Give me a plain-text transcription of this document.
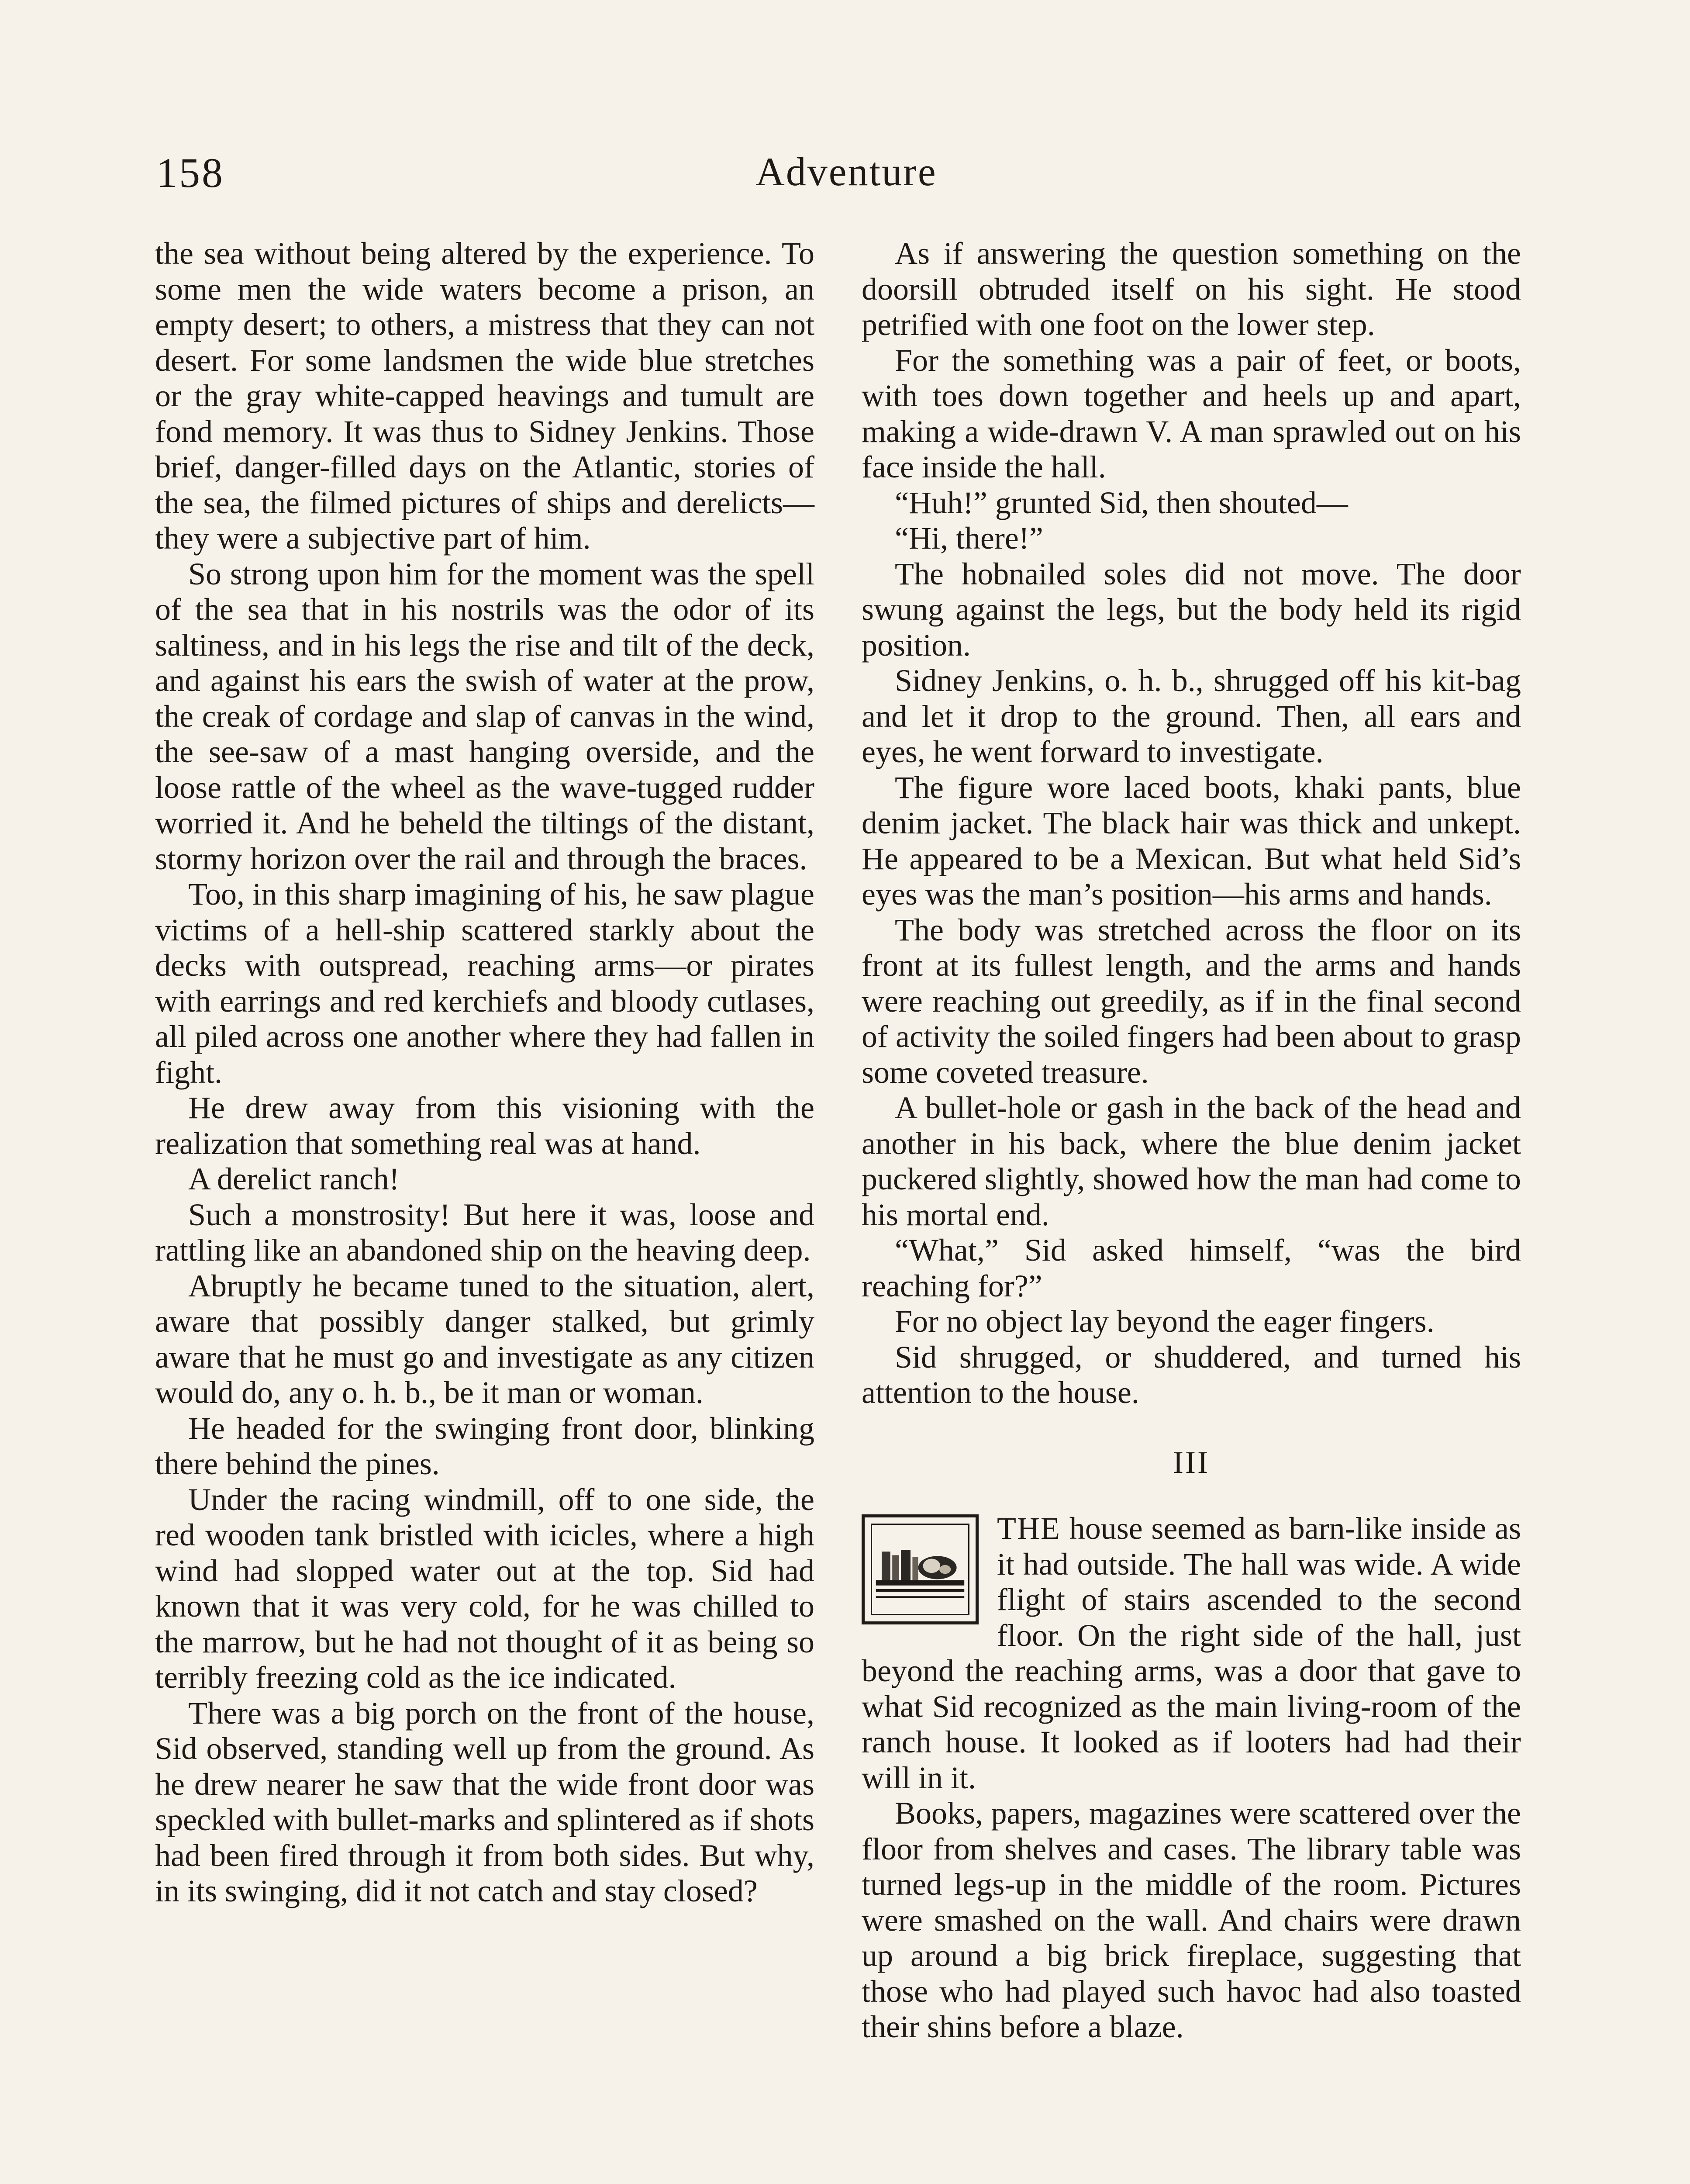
158	Adventure

the sea without being altered by the experience. To some men the wide waters become a prison, an empty desert; to others, a mistress that they can not desert. For some landsmen the wide blue stretches or the gray white-capped heavings and tumult are fond memory. It was thus to Sidney Jenkins. Those brief, danger-filled days on the Atlantic, stories of the sea, the filmed pictures of ships and derelicts—they were a subjective part of him.

So strong upon him for the moment was the spell of the sea that in his nostrils was the odor of its saltiness, and in his legs the rise and tilt of the deck, and against his ears the swish of water at the prow, the creak of cordage and slap of canvas in the wind, the see-saw of a mast hanging overside, and the loose rattle of the wheel as the wave-tugged rudder worried it. And he beheld the tiltings of the distant, stormy horizon over the rail and through the braces.

Too, in this sharp imagining of his, he saw plague victims of a hell-ship scattered starkly about the decks with outspread, reaching arms—or pirates with earrings and red kerchiefs and bloody cutlases, all piled across one another where they had fallen in fight.

He drew away from this visioning with the realization that something real was at hand.

A derelict ranch!

Such a monstrosity! But here it was, loose and rattling like an abandoned ship on the heaving deep.

Abruptly he became tuned to the situation, alert, aware that possibly danger stalked, but grimly aware that he must go and investigate as any citizen would do, any o. h. b., be it man or woman.

He headed for the swinging front door, blinking there behind the pines.

Under the racing windmill, off to one side, the red wooden tank bristled with icicles, where a high wind had slopped water out at the top. Sid had known that it was very cold, for he was chilled to the marrow, but he had not thought of it as being so terribly freezing cold as the ice indicated.

There was a big porch on the front of the house, Sid observed, standing well up from the ground. As he drew nearer he saw that the wide front door was speckled with bullet-marks and splintered as if shots had been fired through it from both sides. But why, in its swinging, did it not catch and stay closed?

As if answering the question something on the doorsill obtruded itself on his sight. He stood petrified with one foot on the lower step.

For the something was a pair of feet, or boots, with toes down together and heels up and apart, making a wide-drawn V. A man sprawled out on his face inside the hall.

“Huh!” grunted Sid, then shouted—

“Hi, there!”

The hobnailed soles did not move. The door swung against the legs, but the body held its rigid position.

Sidney Jenkins, o. h. b., shrugged off his kit-bag and let it drop to the ground. Then, all ears and eyes, he went forward to investigate.

The figure wore laced boots, khaki pants, blue denim jacket. The black hair was thick and unkept. He appeared to be a Mexican. But what held Sid’s eyes was the man’s position—his arms and hands.

The body was stretched across the floor on its front at its fullest length, and the arms and hands were reaching out greedily, as if in the final second of activity the soiled fingers had been about to grasp some coveted treasure.

A bullet-hole or gash in the back of the head and another in his back, where the blue denim jacket puckered slightly, showed how the man had come to his mortal end.

“What,” Sid asked himself, “was the bird reaching for?”

For no object lay beyond the eager fingers.

Sid shrugged, or shuddered, and turned his attention to the house.

III

THE house seemed as barn-like inside as it had outside. The hall was wide. A wide flight of stairs ascended to the second floor. On the right side of the hall, just beyond the reaching arms, was a door that gave to what Sid recognized as the main living-room of the ranch house. It looked as if looters had had their will in it.

Books, papers, magazines were scattered over the floor from shelves and cases. The library table was turned legs-up in the middle of the room. Pictures were smashed on the wall. And chairs were drawn up around a big brick fireplace, suggesting that those who had played such havoc had also toasted their shins before a blaze.
